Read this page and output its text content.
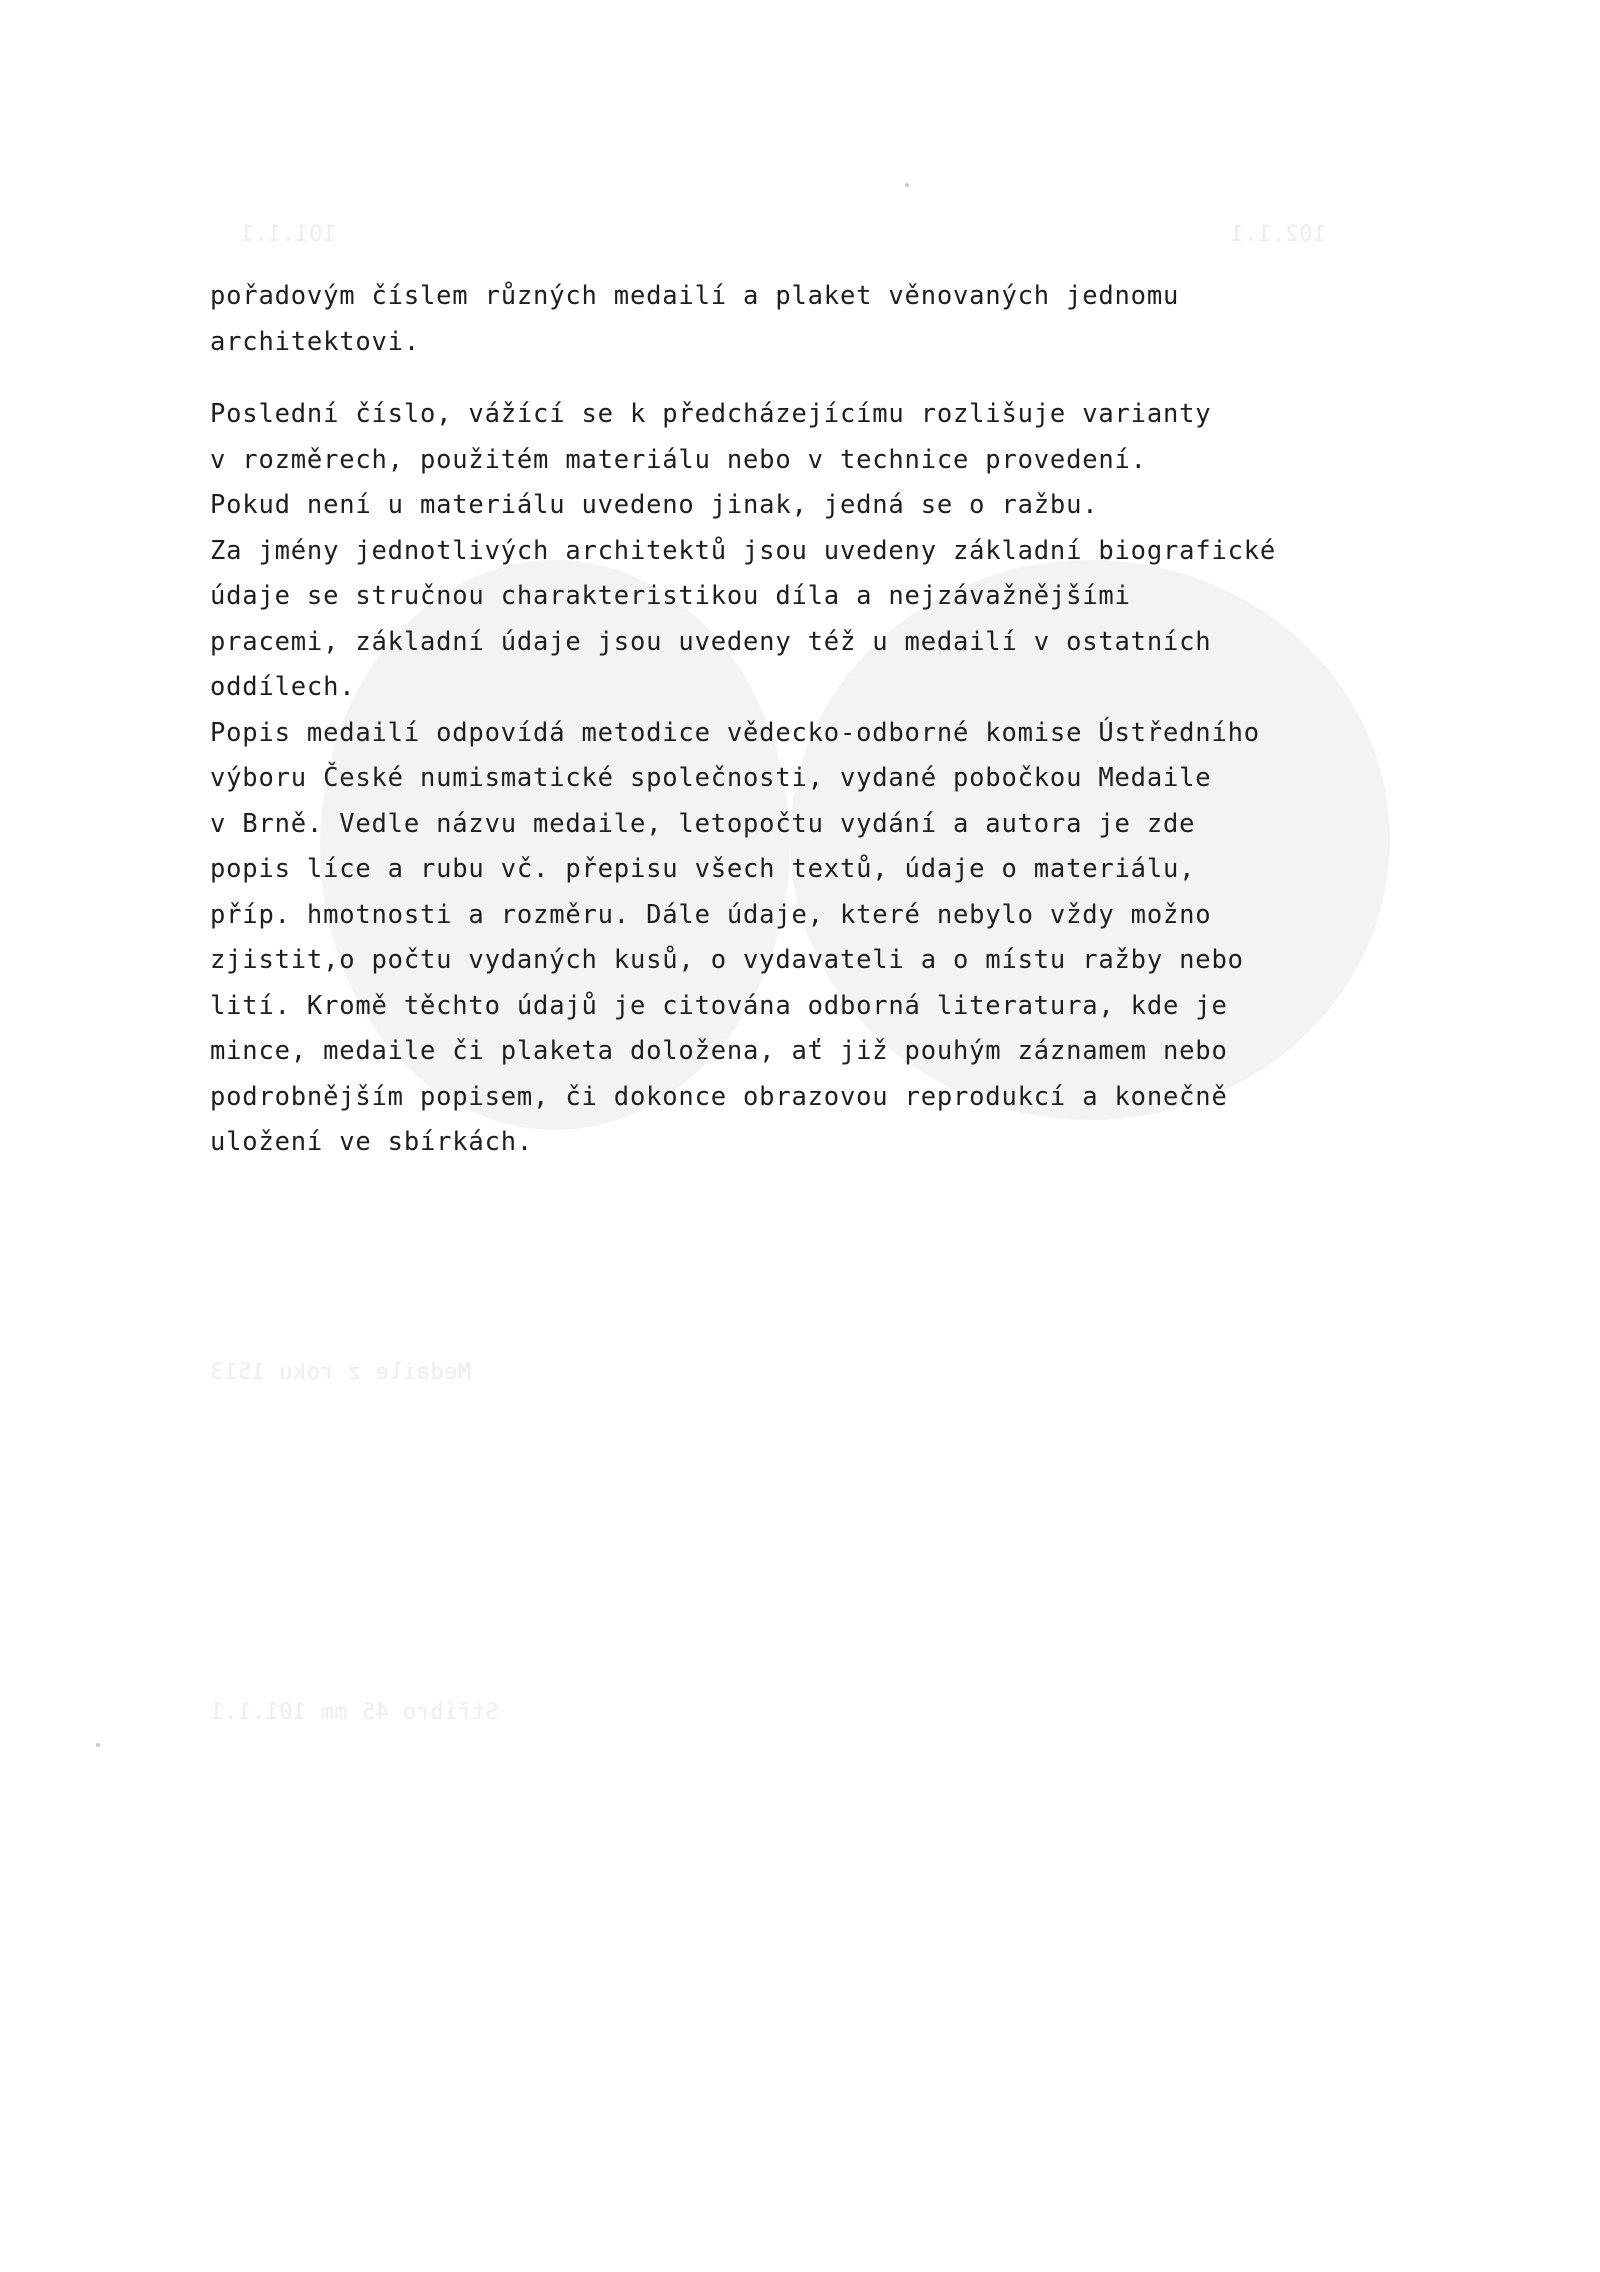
101.1.1	102.1.1
Medaile z roku 1513
Stříbro 45 mm 101.1.1
pořadovým číslem různých medailí a plaket věnovaných jednomu
architektovi.
Poslední číslo, vážící se k předcházejícímu rozlišuje varianty
v rozměrech, použitém materiálu nebo v technice provedení.
Pokud není u materiálu uvedeno jinak, jedná se o ražbu.
Za jmény jednotlivých architektů jsou uvedeny základní biografické
údaje se stručnou charakteristikou díla a nejzávažnějšími
pracemi, základní údaje jsou uvedeny též u medailí v ostatních
oddílech.
Popis medailí odpovídá metodice vědecko-odborné komise Ústředního
výboru České numismatické společnosti, vydané pobočkou Medaile
v Brně. Vedle názvu medaile, letopočtu vydání a autora je zde
popis líce a rubu vč. přepisu všech textů, údaje o materiálu,
příp. hmotnosti a rozměru. Dále údaje, které nebylo vždy možno
zjistit,o počtu vydaných kusů, o vydavateli a o místu ražby nebo
lití. Kromě těchto údajů je citována odborná literatura, kde je
mince, medaile či plaketa doložena, ať již pouhým záznamem nebo
podrobnějším popisem, či dokonce obrazovou reprodukcí a konečně
uložení ve sbírkách.
